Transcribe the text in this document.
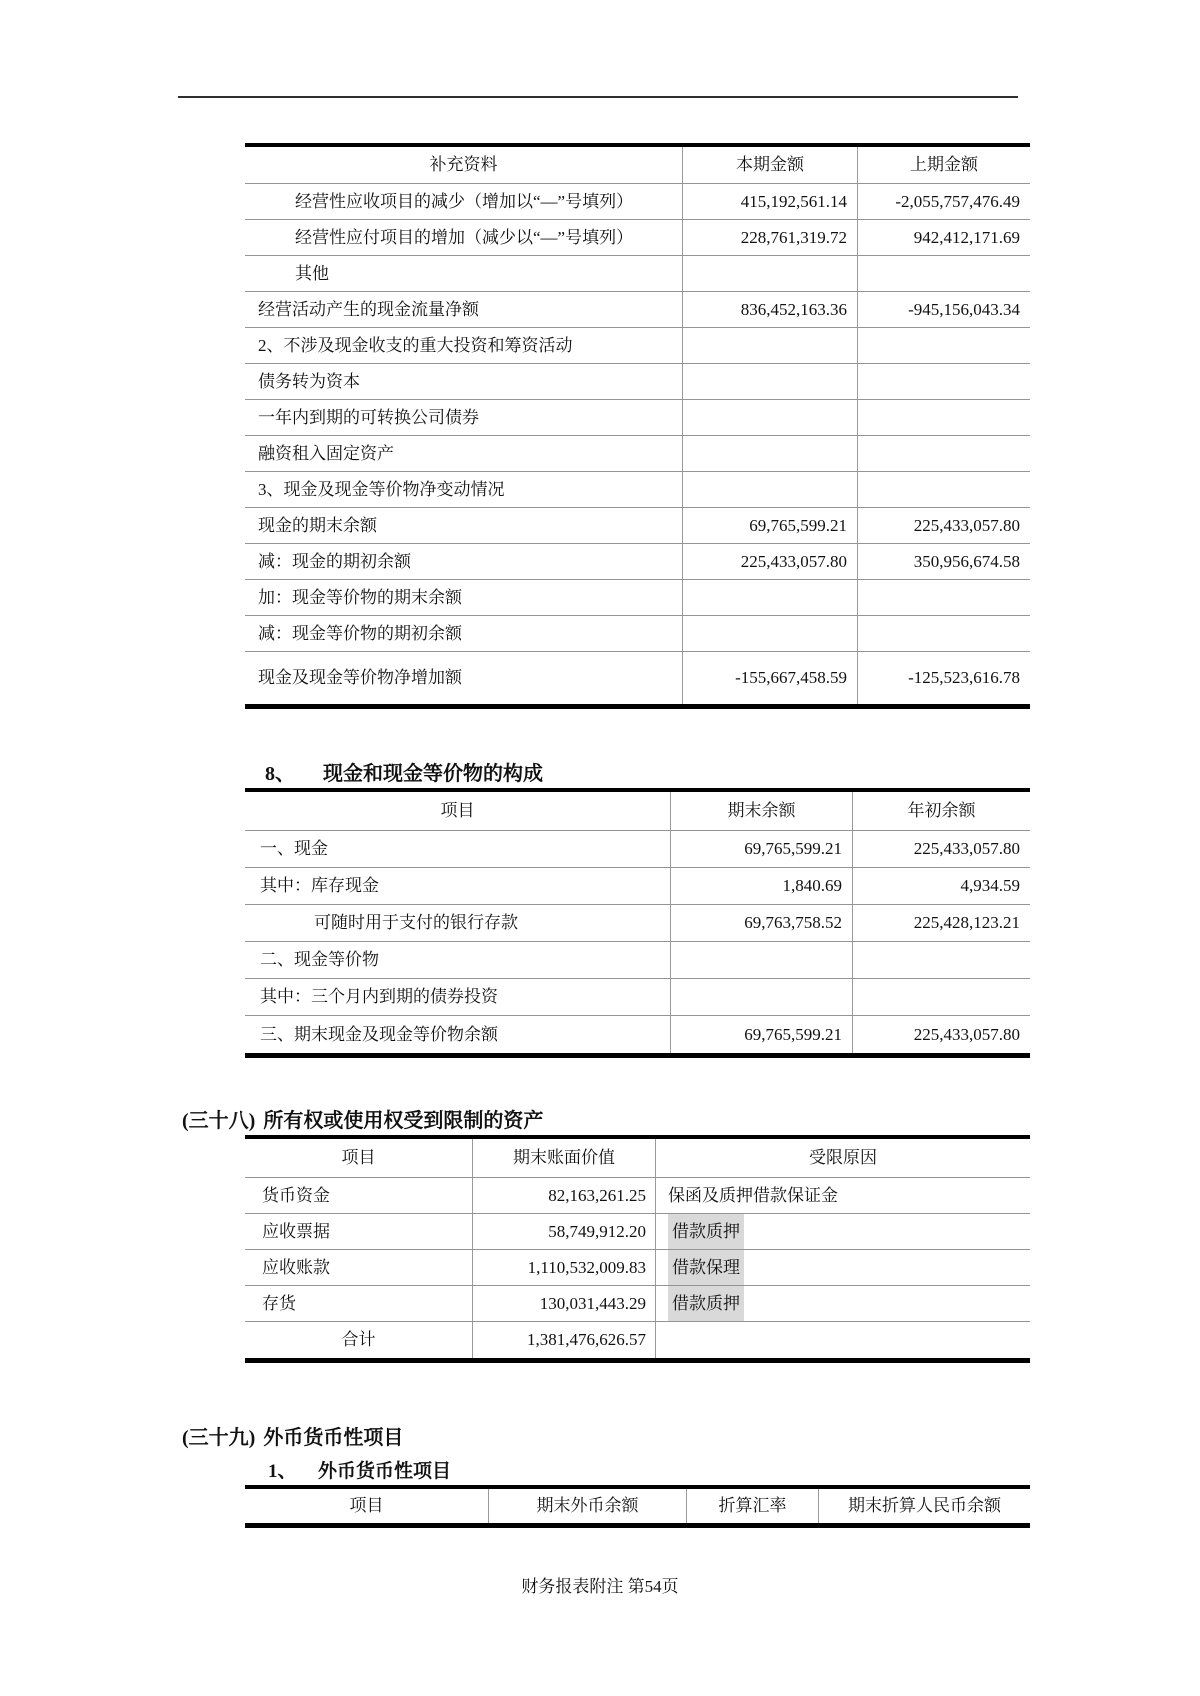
补充资料	本期金额	上期金额
经营性应收项目的减少（增加以“—”号填列）	415,192,561.14	-2,055,757,476.49
经营性应付项目的增加（减少以“—”号填列）	228,761,319.72	942,412,171.69
其他
经营活动产生的现金流量净额	836,452,163.36	-945,156,043.34
2、不涉及现金收支的重大投资和筹资活动
债务转为资本
一年内到期的可转换公司债券
融资租入固定资产
3、现金及现金等价物净变动情况
现金的期末余额	69,765,599.21	225,433,057.80
减：现金的期初余额	225,433,057.80	350,956,674.58
加：现金等价物的期末余额
减：现金等价物的期初余额
现金及现金等价物净增加额	-155,667,458.59	-125,523,616.78
8、 现金和现金等价物的构成
项目	期末余额	年初余额
一、现金	69,765,599.21	225,433,057.80
其中：库存现金	1,840.69	4,934.59
可随时用于支付的银行存款	69,763,758.52	225,428,123.21
二、现金等价物
其中：三个月内到期的债券投资
三、期末现金及现金等价物余额	69,765,599.21	225,433,057.80
(三十八) 所有权或使用权受到限制的资产
项目	期末账面价值	受限原因
货币资金	82,163,261.25	保函及质押借款保证金
应收票据	58,749,912.20	借款质押
应收账款	1,110,532,009.83	借款保理
存货	130,031,443.29	借款质押
合计	1,381,476,626.57
(三十九) 外币货币性项目
1、 外币货币性项目
项目	期末外币余额	折算汇率	期末折算人民币余额
财务报表附注 第54页
